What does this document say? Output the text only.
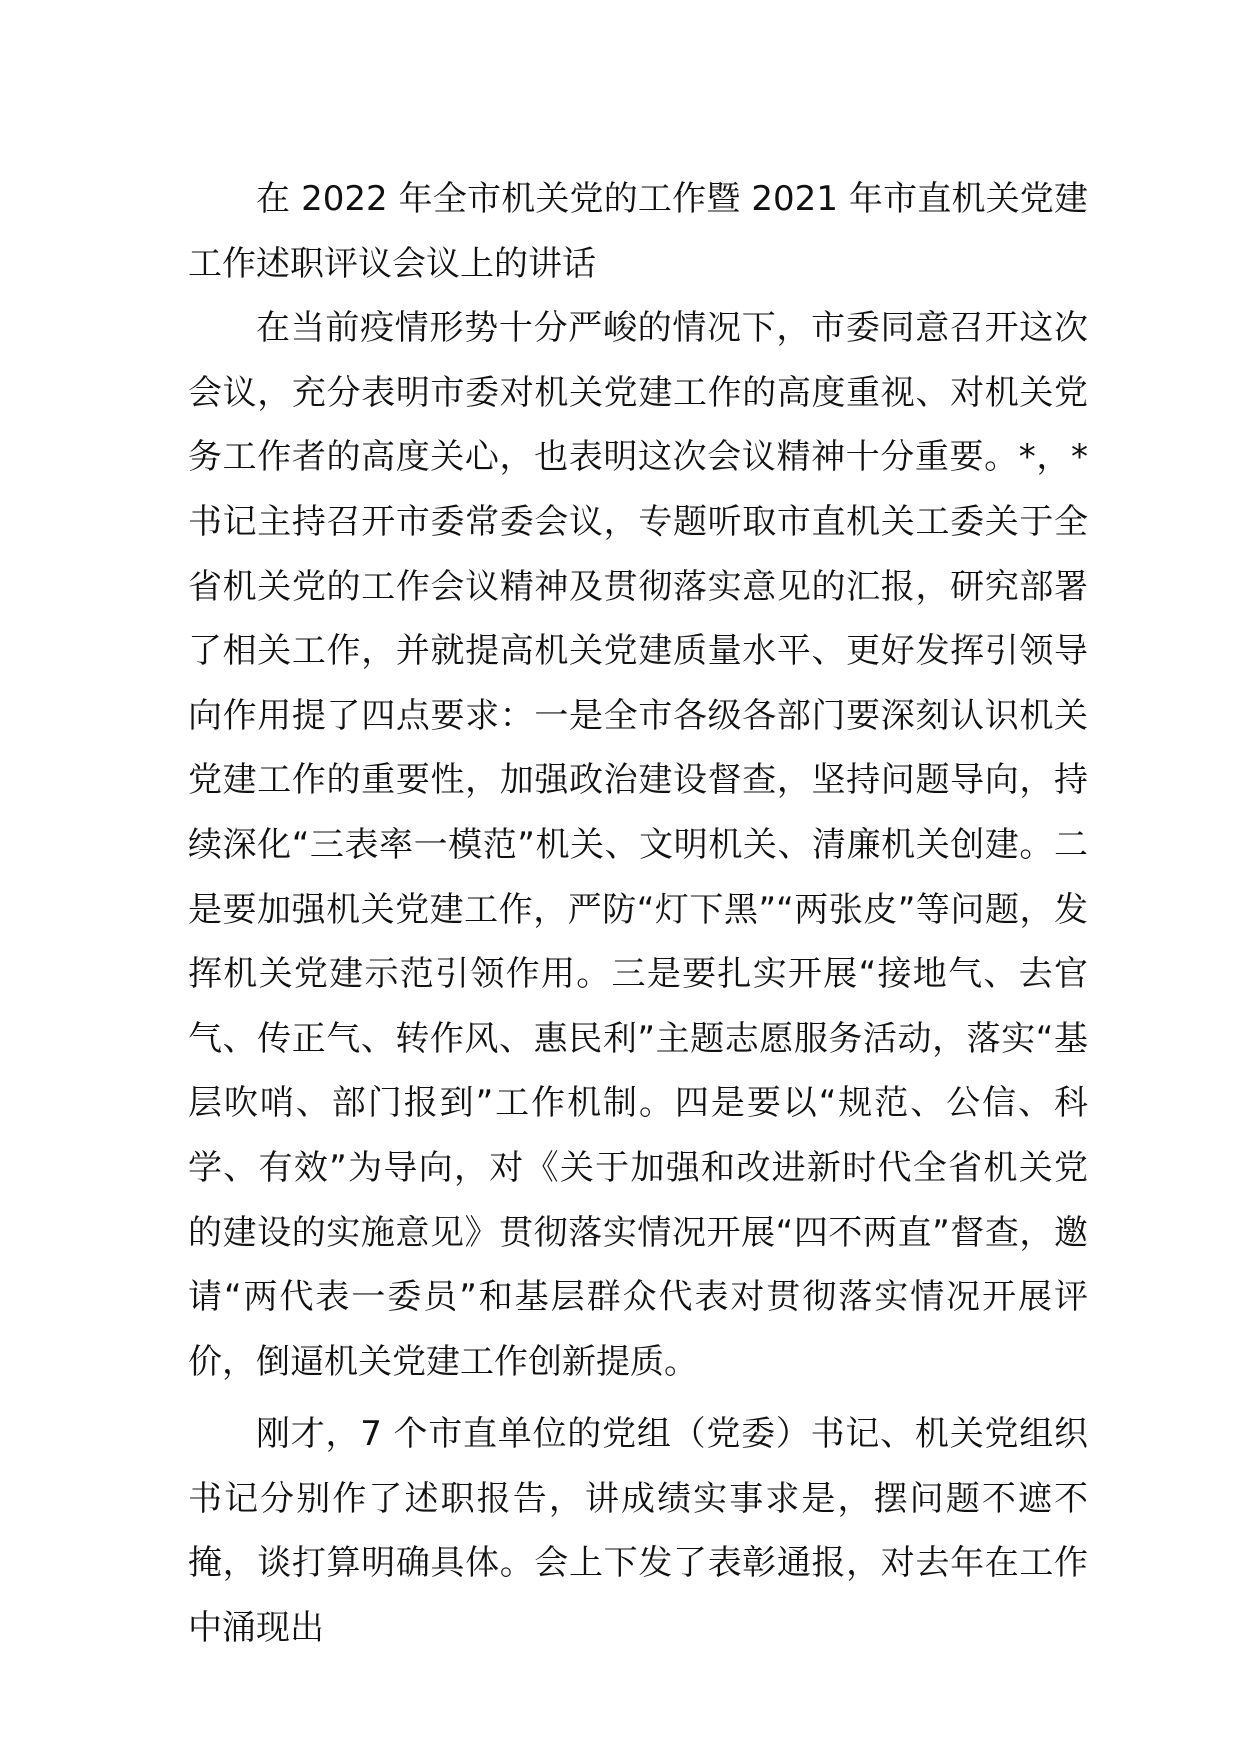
在 2022 年全市机关党的工作暨 2021 年市直机关党建工作述职评议会议上的讲话

在当前疫情形势十分严峻的情况下，市委同意召开这次会议，充分表明市委对机关党建工作的高度重视、对机关党务工作者的高度关心，也表明这次会议精神十分重要。*，*书记主持召开市委常委会议，专题听取市直机关工委关于全省机关党的工作会议精神及贯彻落实意见的汇报，研究部署了相关工作，并就提高机关党建质量水平、更好发挥引领导向作用提了四点要求：一是全市各级各部门要深刻认识机关党建工作的重要性，加强政治建设督查，坚持问题导向，持续深化“三表率一模范”机关、文明机关、清廉机关创建。二是要加强机关党建工作，严防“灯下黑”“两张皮”等问题，发挥机关党建示范引领作用。三是要扎实开展“接地气、去官气、传正气、转作风、惠民利”主题志愿服务活动，落实“基层吹哨、部门报到”工作机制。四是要以“规范、公信、科学、有效”为导向，对《关于加强和改进新时代全省机关党的建设的实施意见》贯彻落实情况开展“四不两直”督查，邀请“两代表一委员”和基层群众代表对贯彻落实情况开展评价，倒逼机关党建工作创新提质。

刚才，7 个市直单位的党组（党委）书记、机关党组织书记分别作了述职报告，讲成绩实事求是，摆问题不遮不掩，谈打算明确具体。会上下发了表彰通报，对去年在工作中涌现出
